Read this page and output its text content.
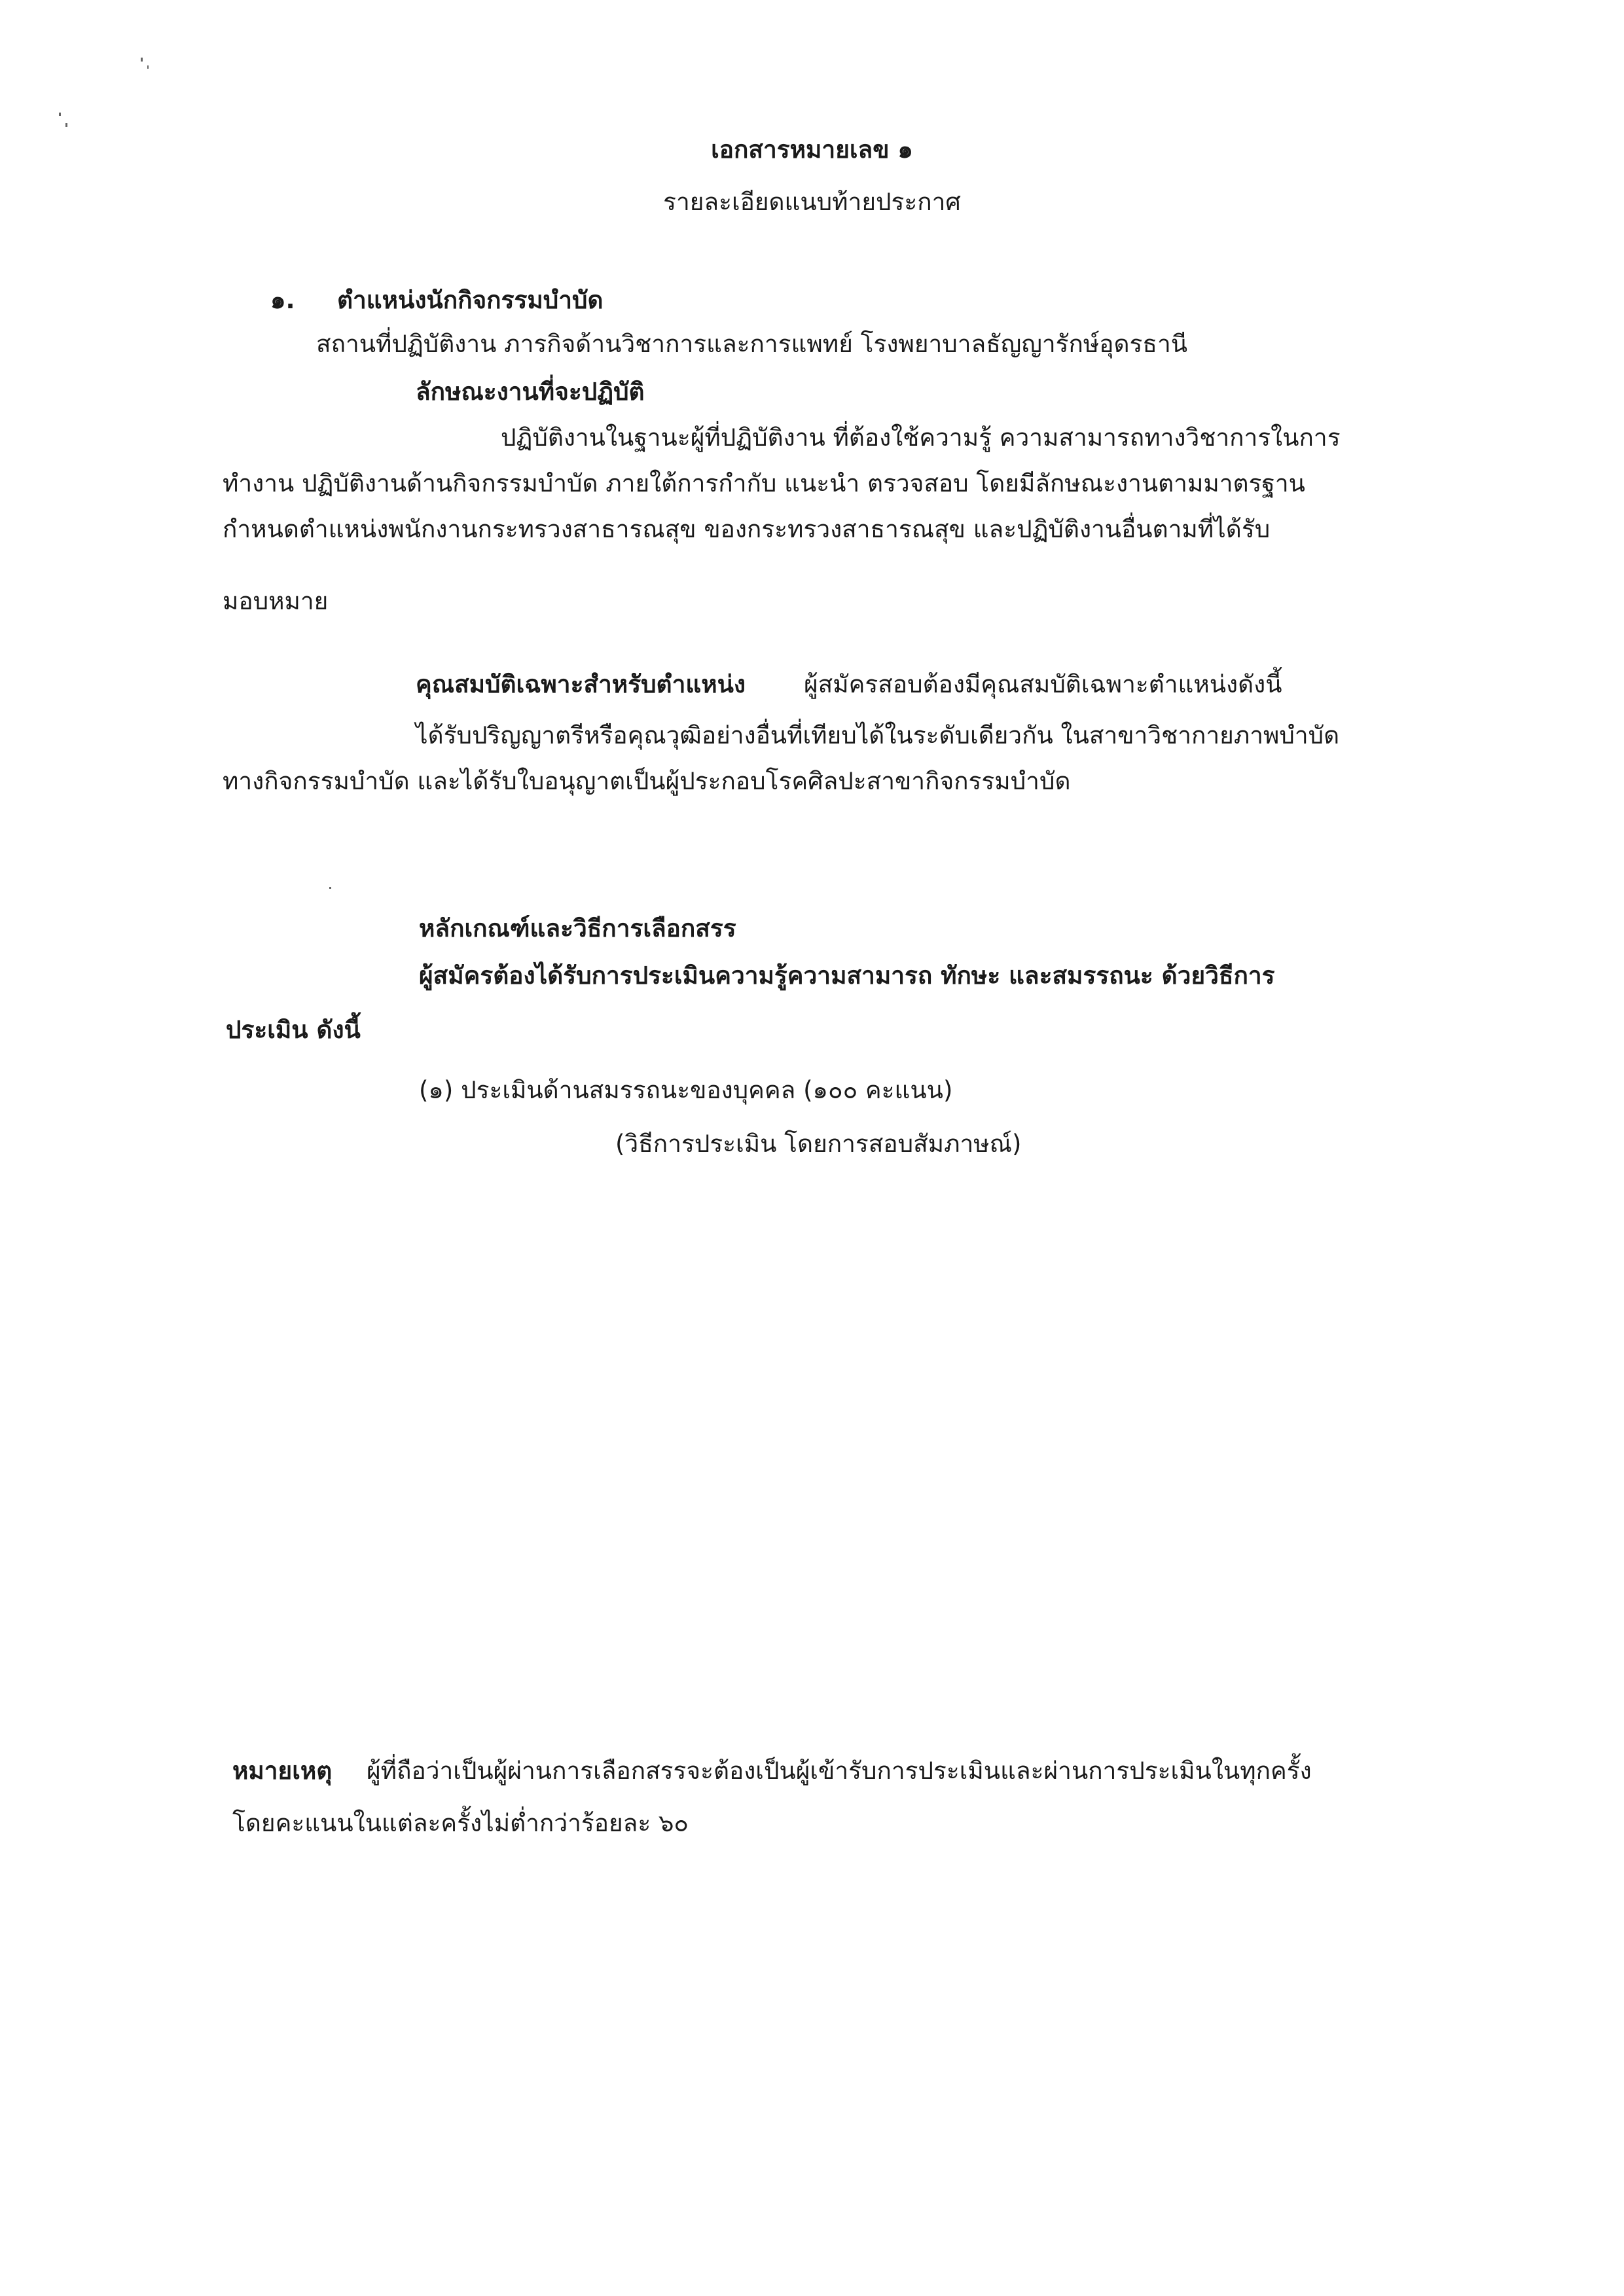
เอกสารหมายเลข ๑
รายละเอียดแนบท้ายประกาศ
๑. ตำแหน่งนักกิจกรรมบำบัด
สถานที่ปฏิบัติงาน ภารกิจด้านวิชาการและการแพทย์ โรงพยาบาลธัญญารักษ์อุดรธานี
ลักษณะงานที่จะปฏิบัติ
ปฏิบัติงานในฐานะผู้ที่ปฏิบัติงาน ที่ต้องใช้ความรู้ ความสามารถทางวิชาการในการ
ทำงาน ปฏิบัติงานด้านกิจกรรมบำบัด ภายใต้การกำกับ แนะนำ ตรวจสอบ โดยมีลักษณะงานตามมาตรฐาน
กำหนดตำแหน่งพนักงานกระทรวงสาธารณสุข ของกระทรวงสาธารณสุข และปฏิบัติงานอื่นตามที่ได้รับ
มอบหมาย
คุณสมบัติเฉพาะสำหรับตำแหน่ง ผู้สมัครสอบต้องมีคุณสมบัติเฉพาะตำแหน่งดังนี้
ได้รับปริญญาตรีหรือคุณวุฒิอย่างอื่นที่เทียบได้ในระดับเดียวกัน ในสาขาวิชากายภาพบำบัด
ทางกิจกรรมบำบัด และได้รับใบอนุญาตเป็นผู้ประกอบโรคศิลปะสาขากิจกรรมบำบัด
หลักเกณฑ์และวิธีการเลือกสรร
ผู้สมัครต้องได้รับการประเมินความรู้ความสามารถ ทักษะ และสมรรถนะ ด้วยวิธีการ
ประเมิน ดังนี้
(๑) ประเมินด้านสมรรถนะของบุคคล (๑๐๐ คะแนน)
(วิธีการประเมิน โดยการสอบสัมภาษณ์)
หมายเหตุ ผู้ที่ถือว่าเป็นผู้ผ่านการเลือกสรรจะต้องเป็นผู้เข้ารับการประเมินและผ่านการประเมินในทุกครั้ง
โดยคะแนนในแต่ละครั้งไม่ต่ำกว่าร้อยละ ๖๐
